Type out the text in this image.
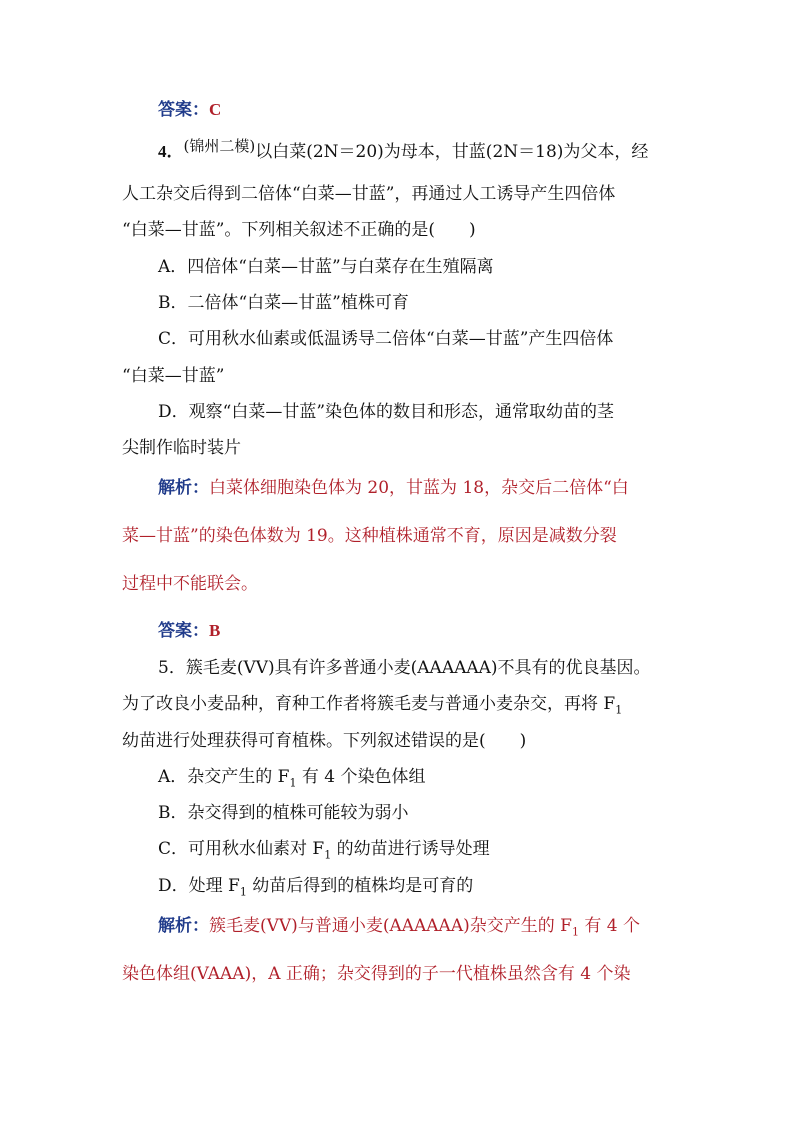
答案：C
4．(锦州二模)以白菜(2N＝20)为母本，甘蓝(2N＝18)为父本，经
人工杂交后得到二倍体“白菜—甘蓝”，再通过人工诱导产生四倍体
“白菜—甘蓝”。下列相关叙述不正确的是(　　)
A．四倍体“白菜—甘蓝”与白菜存在生殖隔离
B．二倍体“白菜—甘蓝”植株可育
C．可用秋水仙素或低温诱导二倍体“白菜—甘蓝”产生四倍体
“白菜—甘蓝”
D．观察“白菜—甘蓝”染色体的数目和形态，通常取幼苗的茎
尖制作临时装片
解析：白菜体细胞染色体为 20，甘蓝为 18，杂交后二倍体“白
菜—甘蓝”的染色体数为 19。这种植株通常不育，原因是减数分裂
过程中不能联会。
答案：B
5．簇毛麦(VV)具有许多普通小麦(AAAAAA)不具有的优良基因。
为了改良小麦品种，育种工作者将簇毛麦与普通小麦杂交，再将 $F_1$
幼苗进行处理获得可育植株。下列叙述错误的是(　　)
A．杂交产生的 $F_1$ 有 4 个染色体组
B．杂交得到的植株可能较为弱小
C．可用秋水仙素对 $F_1$ 的幼苗进行诱导处理
D．处理 $F_1$ 幼苗后得到的植株均是可育的
解析：簇毛麦(VV)与普通小麦(AAAAAA)杂交产生的 $F_1$ 有 4 个
染色体组(VAAA)，A 正确；杂交得到的子一代植株虽然含有 4 个染
